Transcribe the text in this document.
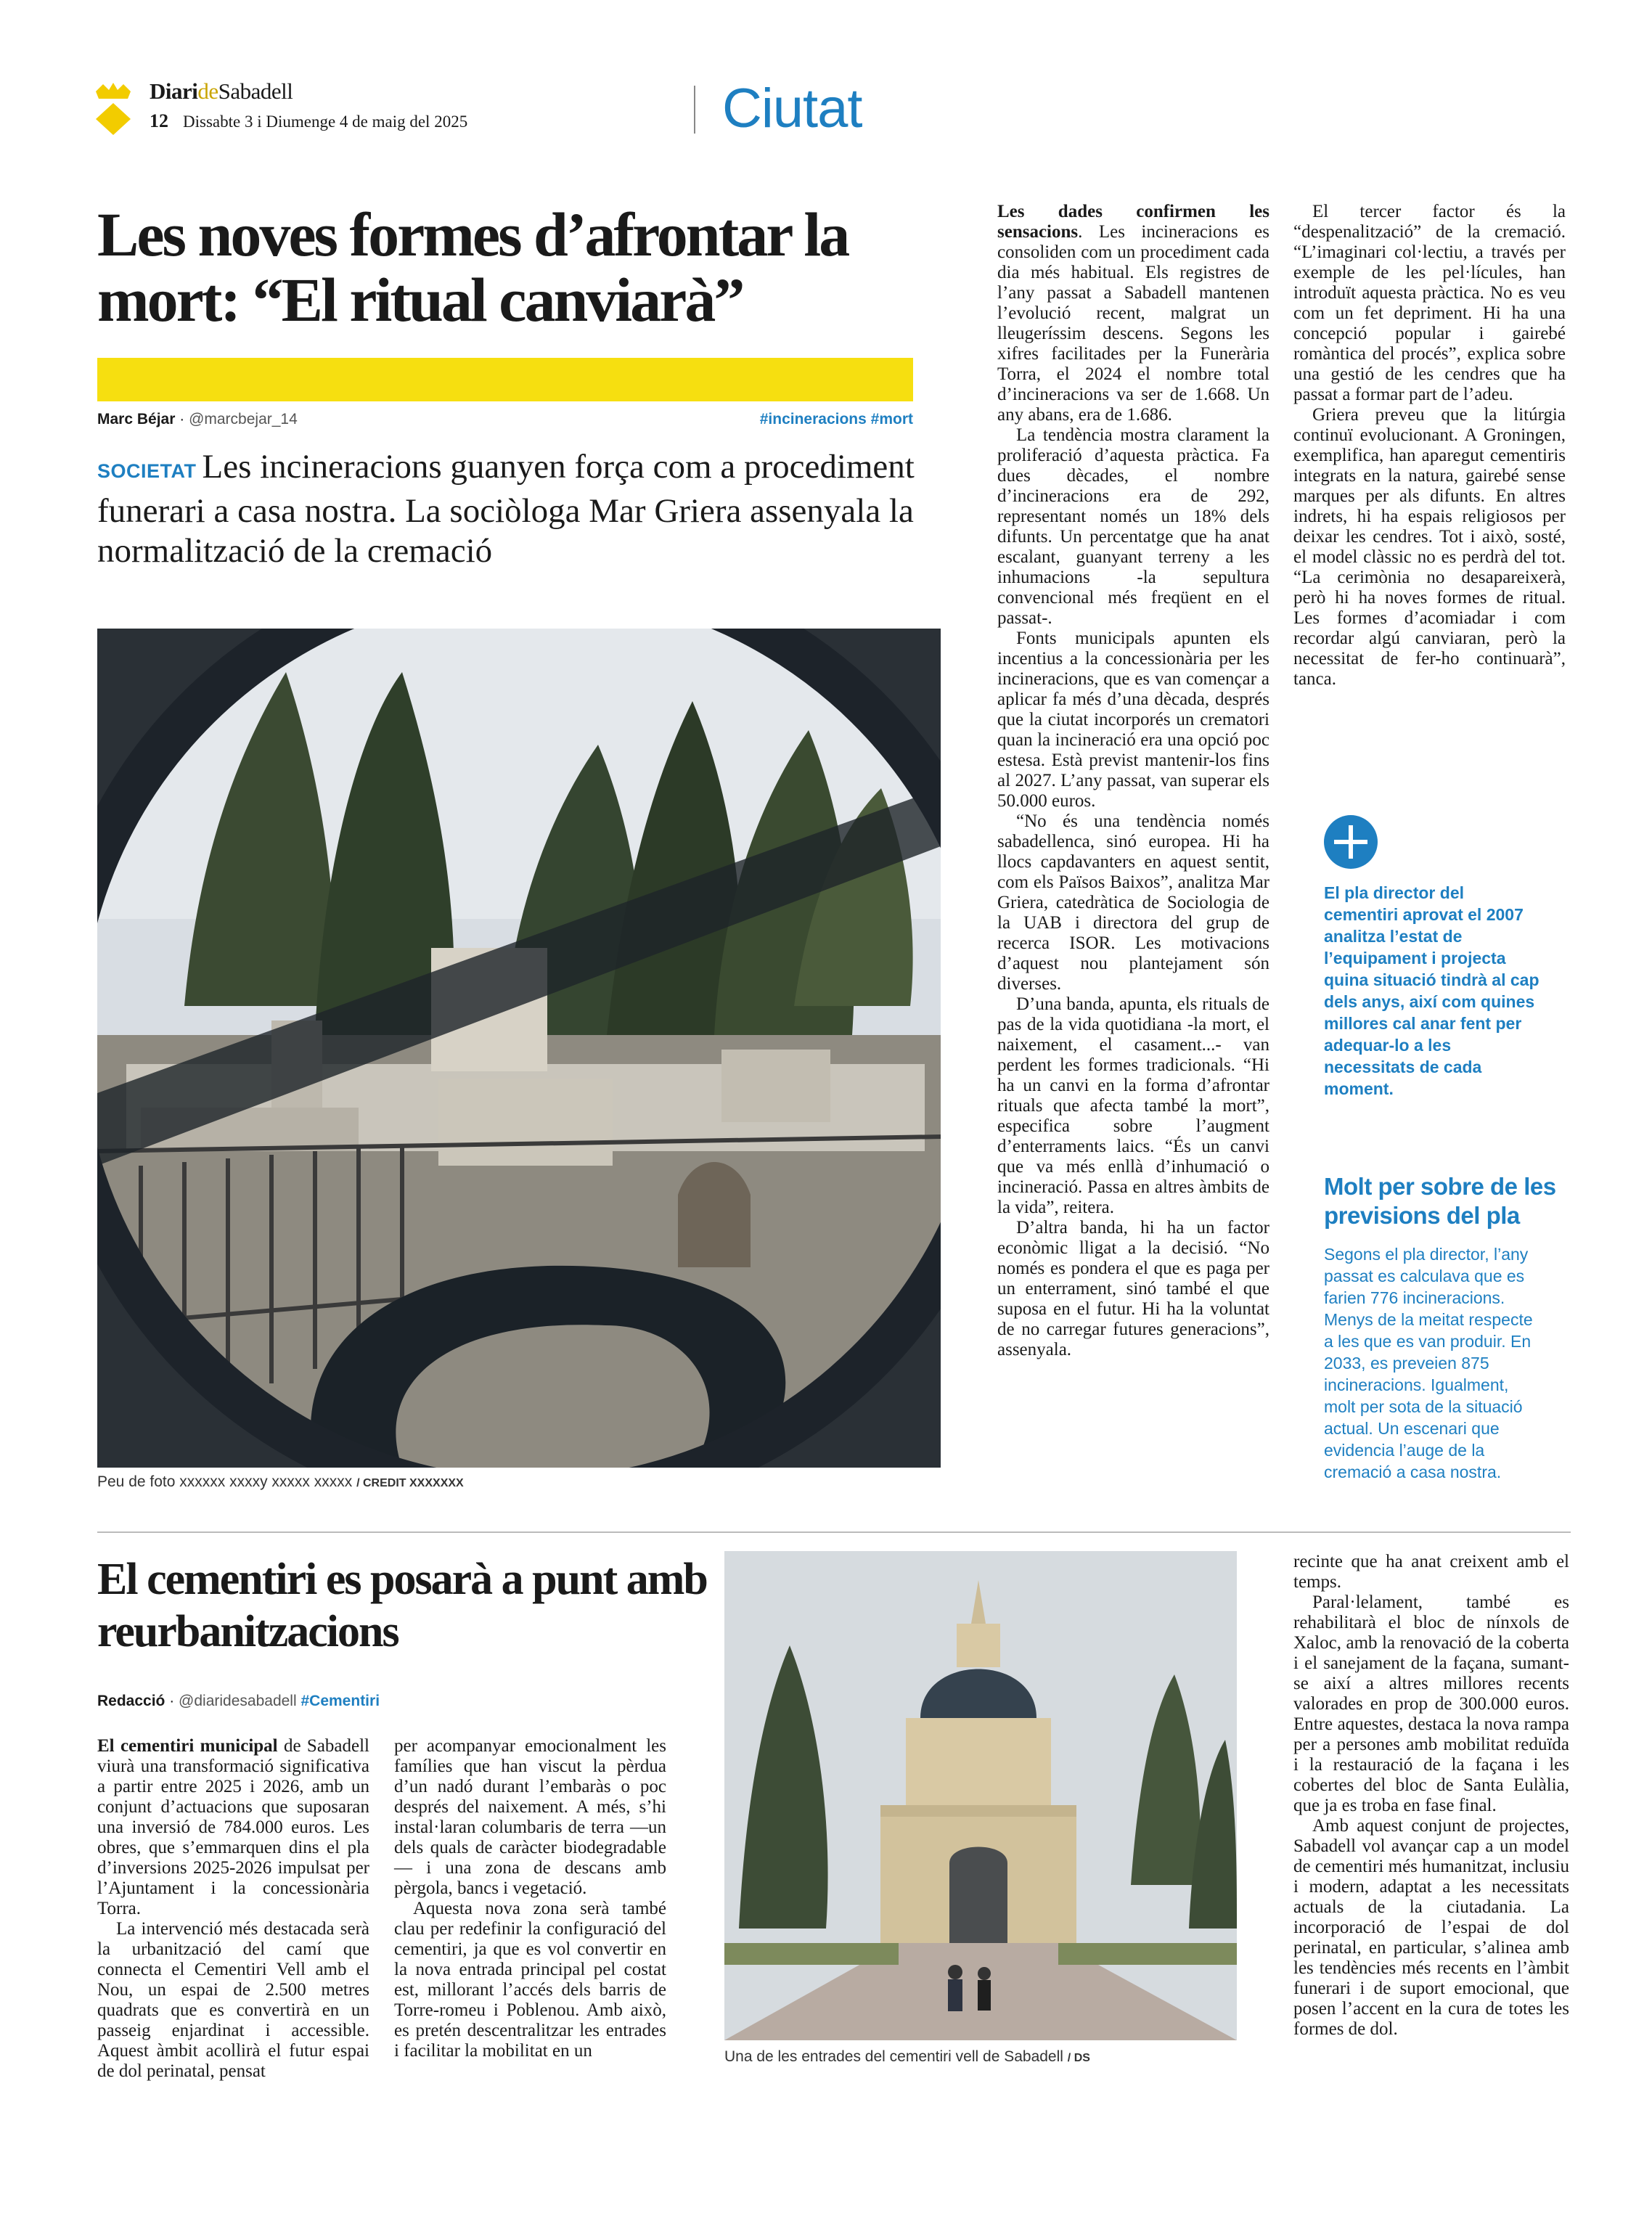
DiarideSabadell
12 Dissabte 3 i Diumenge 4 de maig del 2025	Ciutat
Les noves formes d’afrontar la mort: “El ritual canviarà”
Marc Béjar · @marcbejar_14	#incineracions #mort
SOCIETAT Les incineracions guanyen força com a procediment funerari a casa nostra. La sociòloga Mar Griera assenyala la normalització de la cremació
Peu de foto xxxxxx xxxxy xxxxx xxxxx / CREDIT XXXXXXX

Les dades confirmen les sensacions. Les incineracions es consoliden com un procediment cada dia més habitual. Els registres de l’any passat a Sabadell mantenen l’evolució recent, malgrat un lleugeríssim descens. Segons les xifres facilitades per la Funerària Torra, el 2024 el nombre total d’incineracions va ser de 1.668. Un any abans, era de 1.686.

La tendència mostra clarament la proliferació d’aquesta pràctica. Fa dues dècades, el nombre d’incineracions era de 292, representant només un 18% dels difunts. Un percentatge que ha anat escalant, guanyant terreny a les inhumacions -la sepultura convencional més freqüent en el passat-.

Fonts municipals apunten els incentius a la concessionària per les incineracions, que es van començar a aplicar fa més d’una dècada, després que la ciutat incorporés un crematori quan la incineració era una opció poc estesa. Està previst mantenir-los fins al 2027. L’any passat, van superar els 50.000 euros.

“No és una tendència només sabadellenca, sinó europea. Hi ha llocs capdavanters en aquest sentit, com els Països Baixos”, analitza Mar Griera, catedràtica de Sociologia de la UAB i directora del grup de recerca ISOR. Les motivacions d’aquest nou plantejament són diverses.

D’una banda, apunta, els rituals de pas de la vida quotidiana -la mort, el naixement, el casament...- van perdent les formes tradicionals. “Hi ha un canvi en la forma d’afrontar rituals que afecta també la mort”, especifica sobre l’augment d’enterraments laics. “És un canvi que va més enllà d’inhumació o incineració. Passa en altres àmbits de la vida”, reitera.

D’altra banda, hi ha un factor econòmic lligat a la decisió. “No només es pondera el que es paga per un enterrament, sinó també el que suposa en el futur. Hi ha la voluntat de no carregar futures generacions”, assenyala.

El tercer factor és la “despenalització” de la cremació. “L’imaginari col·lectiu, a través per exemple de les pel·lícules, han introduït aquesta pràctica. No es veu com un fet depriment. Hi ha una concepció popular i gairebé romàntica del procés”, explica sobre una gestió de les cendres que ha passat a formar part de l’adeu.

Griera preveu que la litúrgia continuï evolucionant. A Groningen, exemplifica, han aparegut cementiris integrats en la natura, gairebé sense marques per als difunts. En altres indrets, hi ha espais religiosos per deixar les cendres. Tot i això, sosté, el model clàssic no es perdrà del tot. “La cerimònia no desapareixerà, però hi ha noves formes de ritual. Les formes d’acomiadar i com recordar algú canviaran, però la necessitat de fer-ho continuarà”, tanca.

El pla director del cementiri aprovat el 2007 analitza l’estat de l’equipament i projecta quina situació tindrà al cap dels anys, així com quines millores cal anar fent per adequar-lo a les necessitats de cada moment.
Molt per sobre de les previsions del pla
Segons el pla director, l’any passat es calculava que es farien 776 incineracions. Menys de la meitat respecte a les que es van produir. En 2033, es preveien 875 incineracions. Igualment, molt per sota de la situació actual. Un escenari que evidencia l’auge de la cremació a casa nostra.
El cementiri es posarà a punt amb reurbanitzacions
Redacció · @diaridesabadell #Cementiri

El cementiri municipal de Sabadell viurà una transformació significativa a partir entre 2025 i 2026, amb un conjunt d’actuacions que suposaran una inversió de 784.000 euros. Les obres, que s’emmarquen dins el pla d’inversions 2025-2026 impulsat per l’Ajuntament i la concessionària Torra.

La intervenció més destacada serà la urbanització del camí que connecta el Cementiri Vell amb el Nou, un espai de 2.500 metres quadrats que es convertirà en un passeig enjardinat i accessible. Aquest àmbit acollirà el futur espai de dol perinatal, pensat

per acompanyar emocionalment les famílies que han viscut la pèrdua d’un nadó durant l’embaràs o poc després del naixement. A més, s’hi instal·laran columbaris de terra —un dels quals de caràcter biodegradable— i una zona de descans amb pèrgola, bancs i vegetació.

Aquesta nova zona serà també clau per redefinir la configuració del cementiri, ja que es vol convertir en la nova entrada principal pel costat est, millorant l’accés dels barris de Torre-romeu i Poblenou. Amb això, es pretén descentralitzar les entrades i facilitar la mobilitat en un	Una de les entrades del cementiri vell de Sabadell / DS

recinte que ha anat creixent amb el temps.

Paral·lelament, també es rehabilitarà el bloc de nínxols de Xaloc, amb la renovació de la coberta i el sanejament de la façana, sumant-se així a altres millores recents valorades en prop de 300.000 euros. Entre aquestes, destaca la nova rampa per a persones amb mobilitat reduïda i la restauració de la façana i les cobertes del bloc de Santa Eulàlia, que ja es troba en fase final.

Amb aquest conjunt de projectes, Sabadell vol avançar cap a un model de cementiri més humanitzat, inclusiu i modern, adaptat a les necessitats actuals de la ciutadania. La incorporació de l’espai de dol perinatal, en particular, s’alinea amb les tendències més recents en l’àmbit funerari i de suport emocional, que posen l’accent en la cura de totes les formes de dol.
